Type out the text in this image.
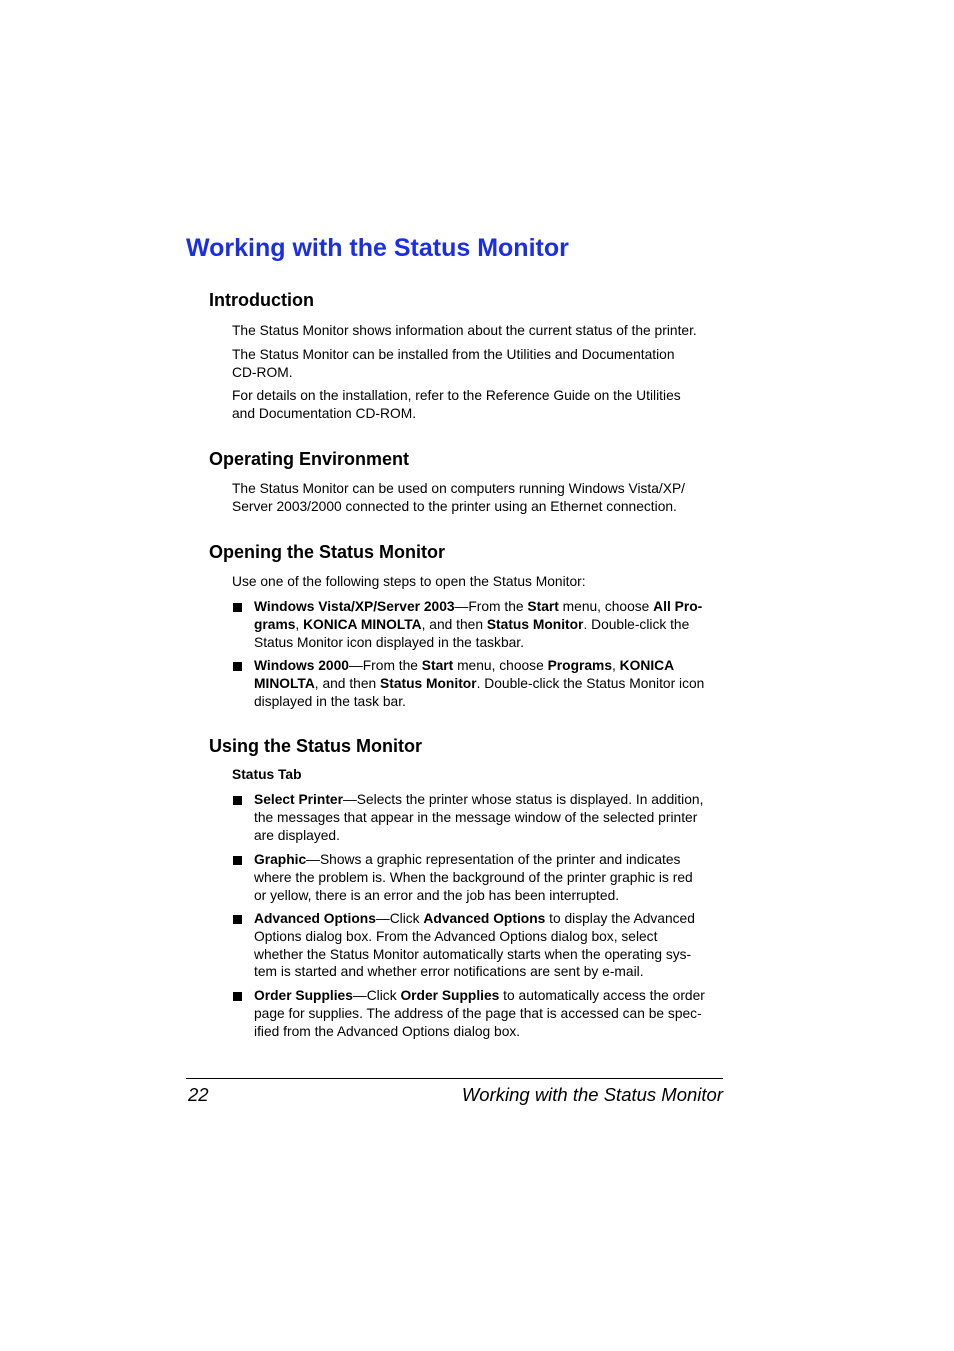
Working with the Status Monitor
Introduction

The Status Monitor shows information about the current status of the printer.

The Status Monitor can be installed from the Utilities and Documentation
CD-ROM.

For details on the installation, refer to the Reference Guide on the Utilities
and Documentation CD-ROM.

Operating Environment

The Status Monitor can be used on computers running Windows Vista/XP/
Server 2003/2000 connected to the printer using an Ethernet connection.

Opening the Status Monitor

Use one of the following steps to open the Status Monitor:

Windows Vista/XP/Server 2003—From the Start menu, choose All Pro-
grams, KONICA MINOLTA, and then Status Monitor. Double-click the
Status Monitor icon displayed in the taskbar.
Windows 2000—From the Start menu, choose Programs, KONICA
MINOLTA, and then Status Monitor. Double-click the Status Monitor icon
displayed in the task bar.
Using the Status Monitor

Status Tab

Select Printer—Selects the printer whose status is displayed. In addition,
the messages that appear in the message window of the selected printer
are displayed.
Graphic—Shows a graphic representation of the printer and indicates
where the problem is. When the background of the printer graphic is red
or yellow, there is an error and the job has been interrupted.
Advanced Options—Click Advanced Options to display the Advanced
Options dialog box. From the Advanced Options dialog box, select
whether the Status Monitor automatically starts when the operating sys-
tem is started and whether error notifications are sent by e-mail.
Order Supplies—Click Order Supplies to automatically access the order
page for supplies. The address of the page that is accessed can be spec-
ified from the Advanced Options dialog box.
22	Working with the Status Monitor
